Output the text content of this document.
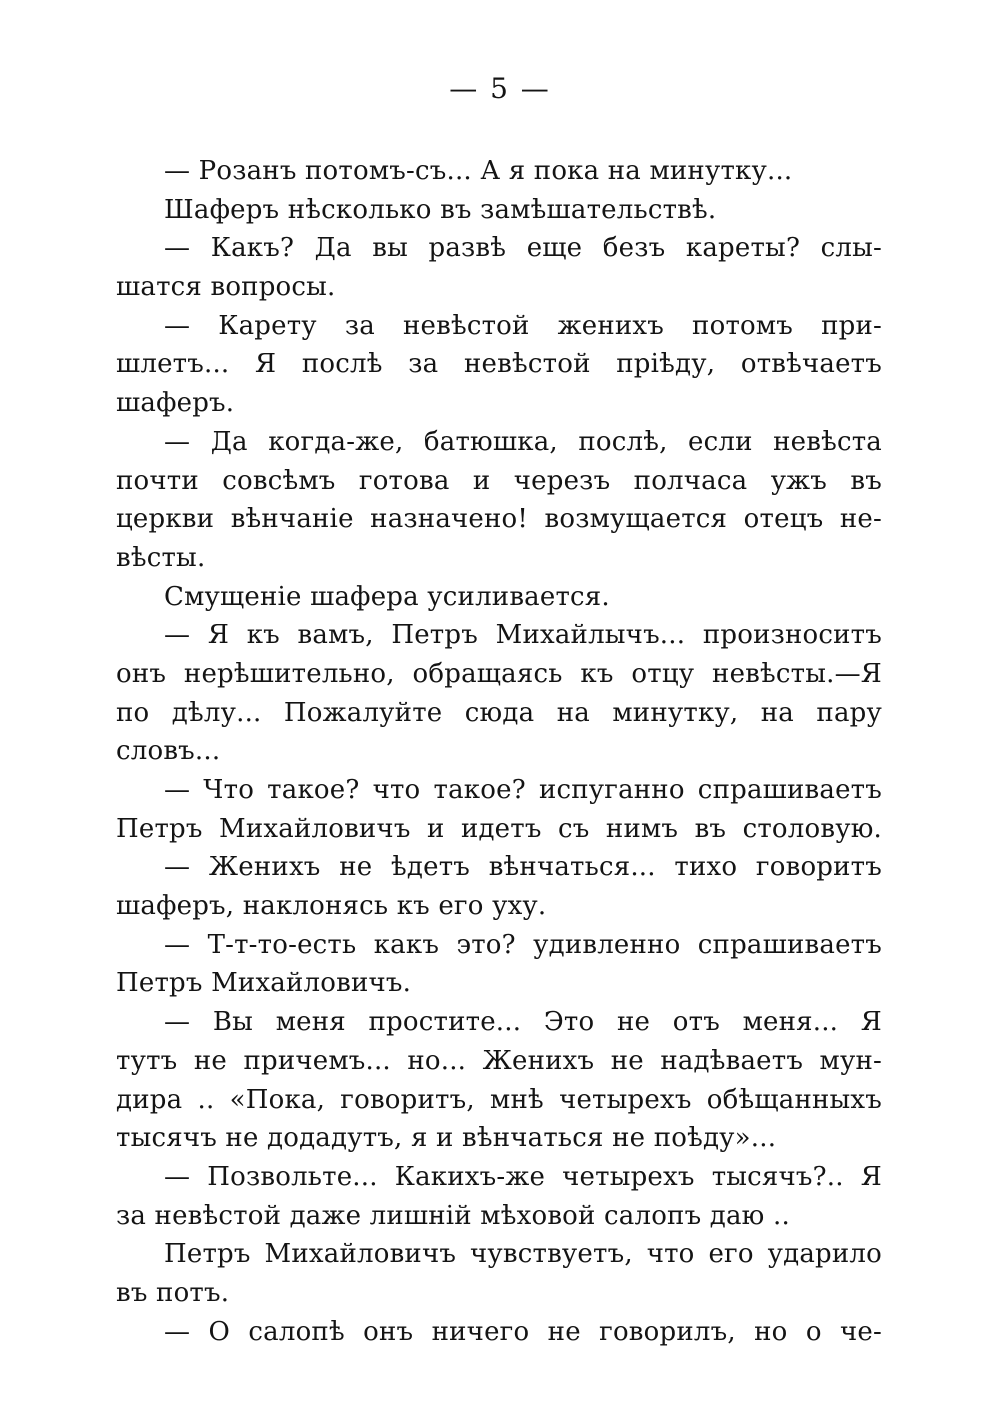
— 5 —
— Розанъ потомъ-съ... А я пока на минутку...
Шаферъ нѣсколько въ замѣшательствѣ.
— Какъ? Да вы развѣ еще безъ кареты? слы-
шатся вопросы.
— Карету за невѣстой женихъ потомъ при-
шлетъ... Я послѣ за невѣстой пріѣду, отвѣчаетъ
шаферъ.
— Да когда-же, батюшка, послѣ, если невѣста
почти совсѣмъ готова и черезъ полчаса ужъ въ
церкви вѣнчаніе назначено! возмущается отецъ не-
вѣсты.
Смущеніе шафера усиливается.
— Я къ вамъ, Петръ Михайлычъ... произноситъ
онъ нерѣшительно, обращаясь къ отцу невѣсты.—Я
по дѣлу... Пожалуйте сюда на минутку, на пару
словъ...
— Что такое? что такое? испуганно спрашиваетъ
Петръ Михайловичъ и идетъ съ нимъ въ столовую.
— Женихъ не ѣдетъ вѣнчаться... тихо говоритъ
шаферъ, наклонясь къ его уху.
— Т-т-то-есть какъ это? удивленно спрашиваетъ
Петръ Михайловичъ.
— Вы меня простите... Это не отъ меня... Я
тутъ не причемъ... но... Женихъ не надѣваетъ мун-
дира .. «Пока, говоритъ, мнѣ четырехъ обѣщанныхъ
тысячъ не додадутъ, я и вѣнчаться не поѣду»...
— Позвольте... Какихъ-же четырехъ тысячъ?.. Я
за невѣстой даже лишній мѣховой салопъ даю ..
Петръ Михайловичъ чувствуетъ, что его ударило
въ потъ.
— О салопѣ онъ ничего не говорилъ, но о че-
